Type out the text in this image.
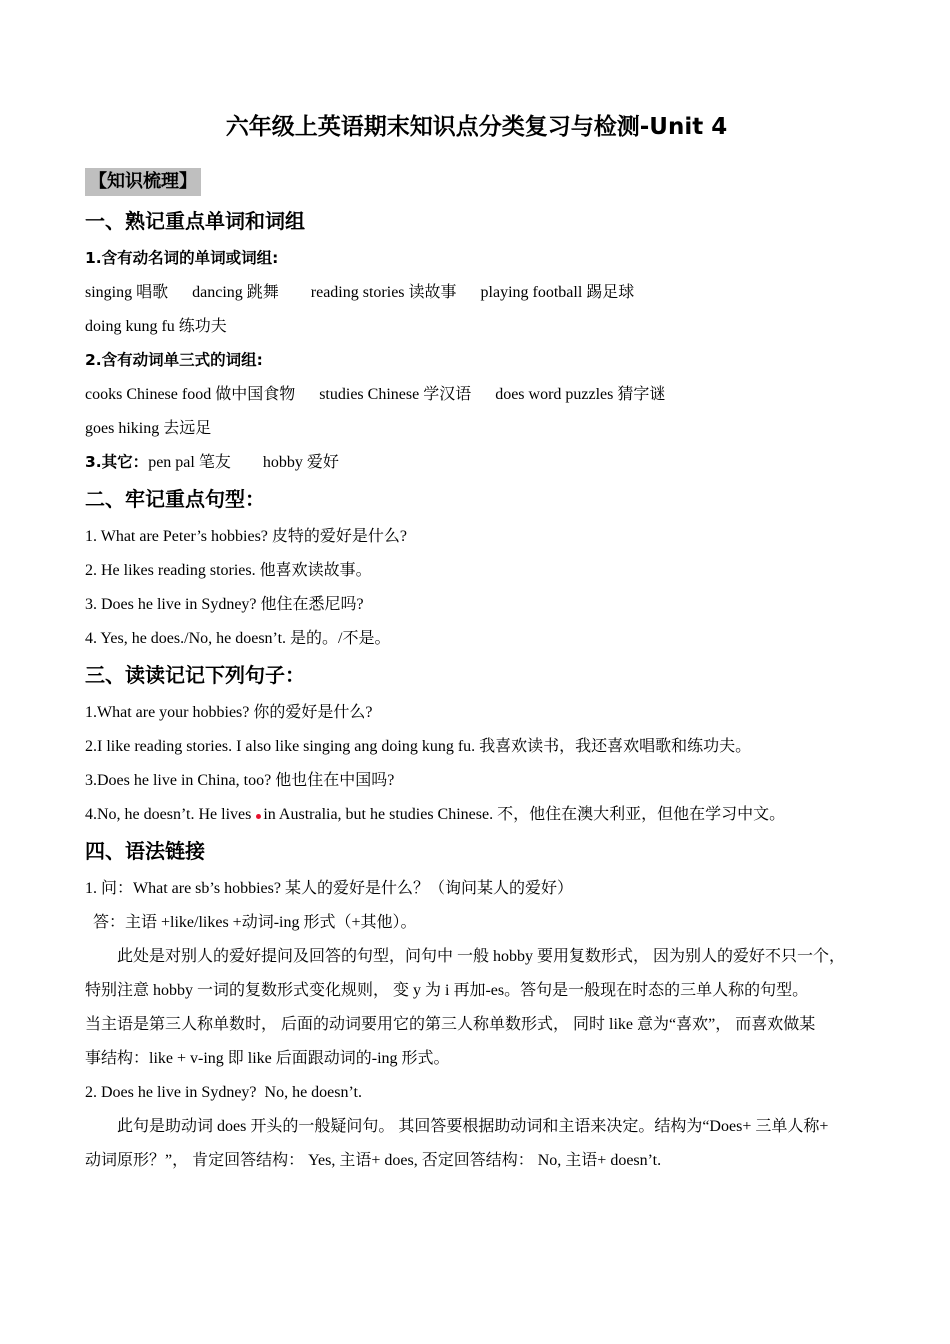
六年级上英语期末知识点分类复习与检测-Unit 4
【知识梳理】
一、熟记重点单词和词组

1.含有动名词的单词或词组:

singing 唱歌      dancing 跳舞        reading stories 读故事      playing football 踢足球

doing kung fu 练功夫

2.含有动词单三式的词组:

cooks Chinese food 做中国食物      studies Chinese 学汉语      does word puzzles 猜字谜

goes hiking 去远足

3.其它：pen pal 笔友        hobby 爱好

二、牢记重点句型：

1. What are Peter’s hobbies? 皮特的爱好是什么?

2. He likes reading stories. 他喜欢读故事。

3. Does he live in Sydney? 他住在悉尼吗?

4. Yes, he does./No, he doesn’t. 是的。/不是。

三、读读记记下列句子：

1.What are your hobbies? 你的爱好是什么?

2.I like reading stories. I also like singing ang doing kung fu. 我喜欢读书，我还喜欢唱歌和练功夫。

3.Does he live in China, too? 他也住在中国吗?

4.No, he doesn’t. He lives in Australia, but he studies Chinese. 不，他住在澳大利亚，但他在学习中文。

四、语法链接

1. 问：What are sb’s hobbies? 某人的爱好是什么？（询问某人的爱好）

答：主语 +like/likes +动词-ing 形式（+其他）。

此处是对别人的爱好提问及回答的句型，问句中 一般 hobby 要用复数形式， 因为别人的爱好不只一个，

特别注意 hobby 一词的复数形式变化规则， 变 y 为 i 再加-es。答句是一般现在时态的三单人称的句型。

当主语是第三人称单数时， 后面的动词要用它的第三人称单数形式， 同时 like 意为“喜欢”， 而喜欢做某

事结构：like + v-ing 即 like 后面跟动词的-ing 形式。

2. Does he live in Sydney?  No, he doesn’t.

此句是助动词 does 开头的一般疑问句。 其回答要根据助动词和主语来决定。结构为“Does+ 三单人称+

动词原形？”， 肯定回答结构： Yes, 主语+ does, 否定回答结构： No, 主语+ doesn’t.
